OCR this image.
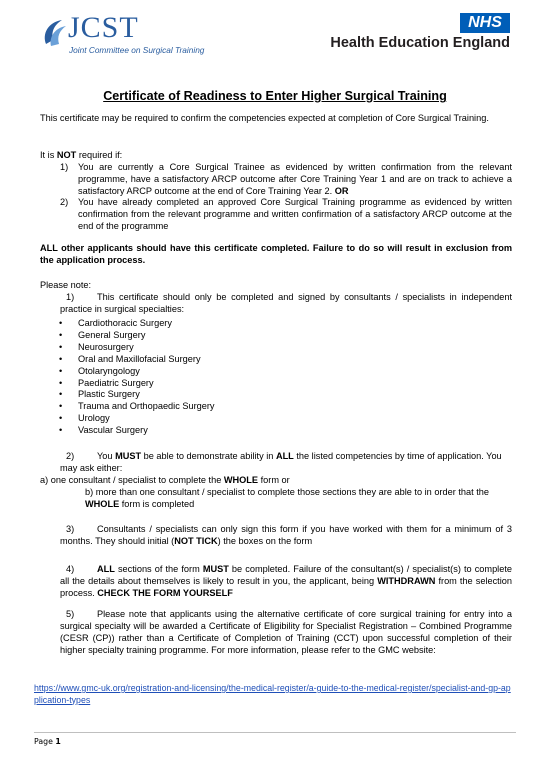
JCST
Joint Committee on Surgical Training
NHS
Health Education England
Certificate of Readiness to Enter Higher Surgical Training
This certificate may be required to confirm the competencies expected at completion of Core Surgical Training.
It is NOT required if:
1) You are currently a Core Surgical Trainee as evidenced by written confirmation from the relevant programme, have a satisfactory ARCP outcome after Core Training Year 1 and are on track to achieve a satisfactory ARCP outcome at the end of Core Training Year 2. OR
2) You have already completed an approved Core Surgical Training programme as evidenced by written confirmation from the relevant programme and written confirmation of a satisfactory ARCP outcome at the end of the programme
ALL other applicants should have this certificate completed. Failure to do so will result in exclusion from the application process.
Please note:
1)	This certificate should only be completed and signed by consultants / specialists in independent practice in surgical specialties:
• Cardiothoracic Surgery
• General Surgery
• Neurosurgery
• Oral and Maxillofacial Surgery
• Otolaryngology
• Paediatric Surgery
• Plastic Surgery
• Trauma and Orthopaedic Surgery
• Urology
• Vascular Surgery
2)	You MUST be able to demonstrate ability in ALL the listed competencies by time of application. You may ask either:
a) one consultant / specialist to complete the WHOLE form or
b) more than one consultant / specialist to complete those sections they are able to in order that the WHOLE form is completed
3)	Consultants / specialists can only sign this form if you have worked with them for a minimum of 3 months. They should initial (NOT TICK) the boxes on the form
4)	ALL sections of the form MUST be completed. Failure of the consultant(s) / specialist(s) to complete all the details about themselves is likely to result in you, the applicant, being WITHDRAWN from the selection process. CHECK THE FORM YOURSELF
5)	Please note that applicants using the alternative certificate of core surgical training for entry into a surgical specialty will be awarded a Certificate of Eligibility for Specialist Registration – Combined Programme (CESR (CP)) rather than a Certificate of Completion of Training (CCT) upon successful completion of their higher specialty training programme. For more information, please refer to the GMC website:
https://www.gmc-uk.org/registration-and-licensing/the-medical-register/a-guide-to-the-medical-register/specialist-and-gp-application-types
Page 1
